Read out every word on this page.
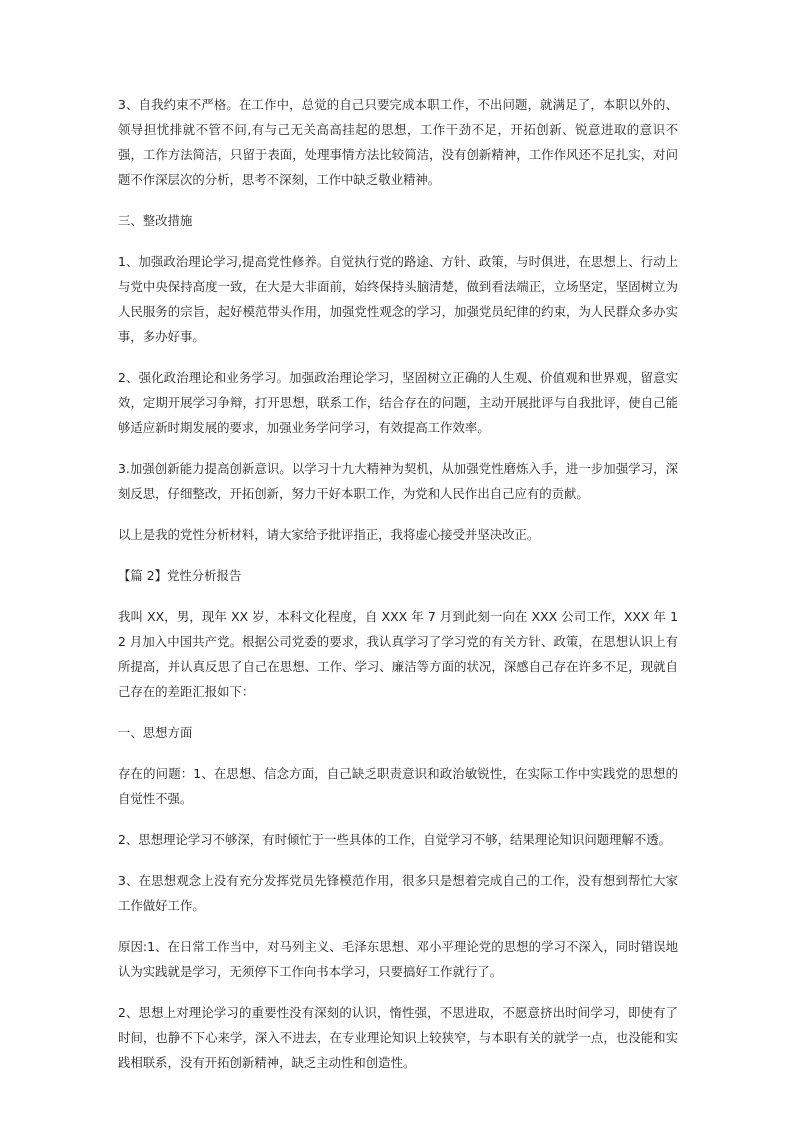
3、自我约束不严格。在工作中，总觉的自己只要完成本职工作，不出问题，就满足了，本职以外的、领导担忧排就不管不问,有与己无关高高挂起的思想，工作干劲不足，开拓创新、锐意进取的意识不强，工作方法简洁，只留于表面，处理事情方法比较简洁，没有创新精神，工作作风还不足扎实，对问题不作深层次的分析，思考不深刻，工作中缺乏敬业精神。

三、整改措施

1、加强政治理论学习,提高党性修养。自觉执行党的路途、方针、政策，与时俱进，在思想上、行动上与党中央保持高度一致，在大是大非面前，始终保持头脑清楚，做到看法端正，立场坚定，坚固树立为人民服务的宗旨，起好模范带头作用，加强党性观念的学习，加强党员纪律的约束，为人民群众多办实事，多办好事。

2、强化政治理论和业务学习。加强政治理论学习，坚固树立正确的人生观、价值观和世界观，留意实效，定期开展学习争辩，打开思想，联系工作，结合存在的问题，主动开展批评与自我批评，使自己能够适应新时期发展的要求，加强业务学问学习，有效提高工作效率。

3.加强创新能力提高创新意识。以学习十九大精神为契机，从加强党性磨炼入手，进一步加强学习，深刻反思，仔细整改，开拓创新，努力干好本职工作，为党和人民作出自己应有的贡献。

以上是我的党性分析材料，请大家给予批评指正，我将虚心接受并坚决改正。

【篇 2】党性分析报告

我叫 XX，男，现年 XX 岁，本科文化程度，自 XXX 年 7 月到此刻一向在 XXX 公司工作，XXX 年 12 月加入中国共产党。根据公司党委的要求，我认真学习了学习党的有关方针、政策，在思想认识上有所提高，并认真反思了自己在思想、工作、学习、廉洁等方面的状况，深感自己存在许多不足，现就自己存在的差距汇报如下：

一、思想方面

存在的问题：1、在思想、信念方面，自己缺乏职责意识和政治敏锐性，在实际工作中实践党的思想的自觉性不强。

2、思想理论学习不够深，有时倾忙于一些具体的工作，自觉学习不够，结果理论知识问题理解不透。

3、在思想观念上没有充分发挥党员先锋模范作用，很多只是想着完成自己的工作，没有想到帮忙大家工作做好工作。

原因:1、在日常工作当中，对马列主义、毛泽东思想、邓小平理论党的思想的学习不深入，同时错误地认为实践就是学习，无须停下工作向书本学习，只要搞好工作就行了。

2、思想上对理论学习的重要性没有深刻的认识，惰性强，不思进取，不愿意挤出时间学习，即使有了时间，也静不下心来学，深入不进去，在专业理论知识上较狭窄，与本职有关的就学一点，也没能和实践相联系，没有开拓创新精神，缺乏主动性和创造性。
